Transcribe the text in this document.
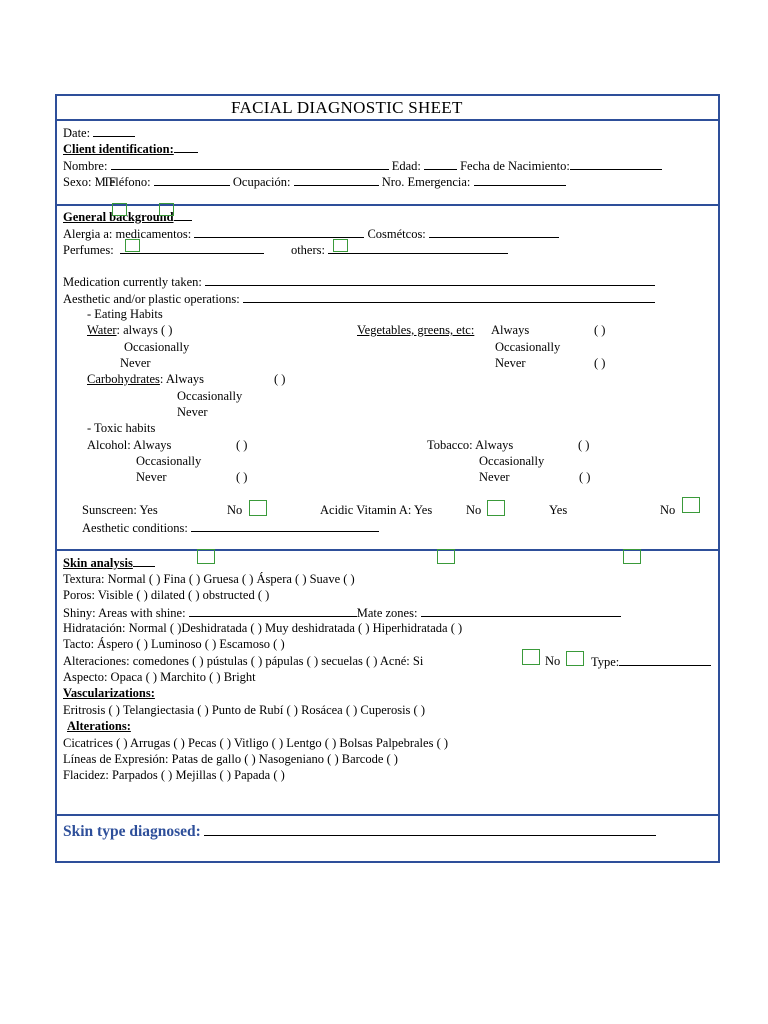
FACIAL DIAGNOSTIC SHEET
Date:
Client identification:
Nombre:	Edad:	Fecha de Nacimiento:
Sexo: M F Teléfono:	Ocupación:	Nro. Emergencia:
General background
Alergia a: medicamentos:	Cosmétcos:
Perfumes:	others:
Medication currently taken:
Aesthetic and/or plastic operations:
- Eating Habits
Water: always ( )
Occasionally
Never
Vegetables, greens, etc: Always	( )
Occasionally
Never	( )
Carbohydrates: Always	( )
Occasionally
Never
- Toxic habits
Alcohol: Always	( )
Occasionally
Never	( )
Tobacco: Always	( )
Occasionally
Never	( )
Sunscreen: Yes	No	Acidic Vitamin A: Yes	No	Yes	No
Aesthetic conditions:
Skin analysis
Textura: Normal ( ) Fina ( ) Gruesa ( ) Áspera ( ) Suave ( )
Poros: Visible ( ) dilated ( ) obstructed ( )
Shiny: Areas with shine:	Mate zones:
Hidratación: Normal ( )Deshidratada ( ) Muy deshidratada ( ) Hiperhidratada ( )
Tacto: Áspero ( ) Luminoso ( ) Escamoso ( )
Alteraciones: comedones ( ) pústulas ( ) pápulas ( ) secuelas ( ) Acné: Si	No Type:
Aspecto: Opaca ( ) Marchito ( ) Bright
Vascularizations:
Eritrosis ( ) Telangiectasia ( ) Punto de Rubí ( ) Rosácea ( ) Cuperosis ( )
Alterations:
Cicatrices ( ) Arrugas ( ) Pecas ( ) Vitligo ( ) Lentgo ( ) Bolsas Palpebrales ( )
Líneas de Expresión: Patas de gallo ( ) Nasogeniano ( ) Barcode ( )
Flacidez: Parpados ( ) Mejillas ( ) Papada ( )
Skin type diagnosed:
